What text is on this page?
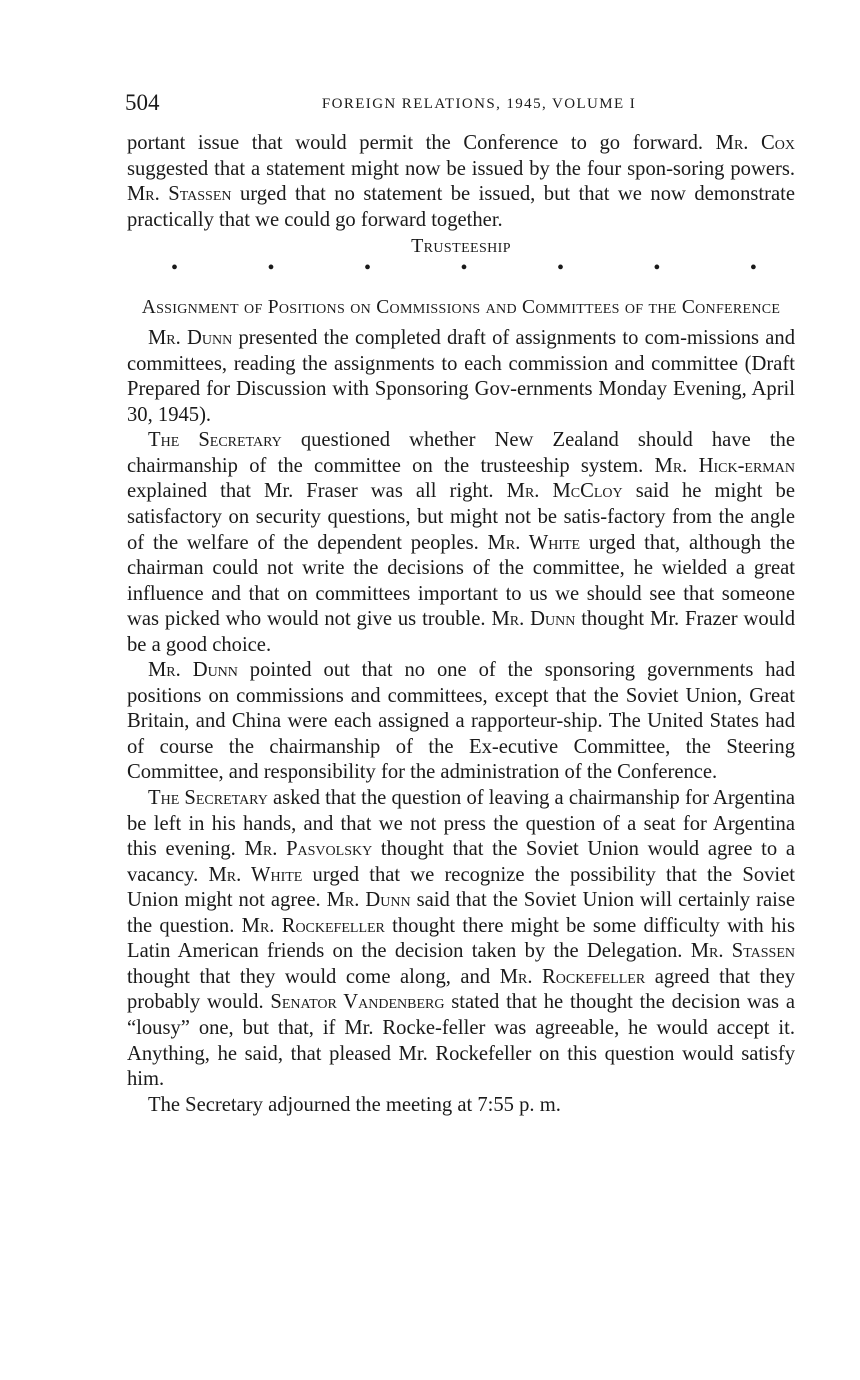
504	FOREIGN RELATIONS, 1945, VOLUME I

portant issue that would permit the Conference to go forward. Mr. Cox suggested that a statement might now be issued by the four spon-soring powers. Mr. Stassen urged that no statement be issued, but that we now demonstrate practically that we could go forward together.

Trusteeship

•	•	•	•	•	•	•

Assignment of Positions on Commissions and Committees of the Conference

Mr. Dunn presented the completed draft of assignments to com-missions and committees, reading the assignments to each commission and committee (Draft Prepared for Discussion with Sponsoring Gov-ernments Monday Evening, April 30, 1945).

The Secretary questioned whether New Zealand should have the chairmanship of the committee on the trusteeship system. Mr. Hick-erman explained that Mr. Fraser was all right. Mr. McCloy said he might be satisfactory on security questions, but might not be satis-factory from the angle of the welfare of the dependent peoples. Mr. White urged that, although the chairman could not write the decisions of the committee, he wielded a great influence and that on committees important to us we should see that someone was picked who would not give us trouble. Mr. Dunn thought Mr. Frazer would be a good choice.

Mr. Dunn pointed out that no one of the sponsoring governments had positions on commissions and committees, except that the Soviet Union, Great Britain, and China were each assigned a rapporteur-ship. The United States had of course the chairmanship of the Ex-ecutive Committee, the Steering Committee, and responsibility for the administration of the Conference.

The Secretary asked that the question of leaving a chairmanship for Argentina be left in his hands, and that we not press the question of a seat for Argentina this evening. Mr. Pasvolsky thought that the Soviet Union would agree to a vacancy. Mr. White urged that we recognize the possibility that the Soviet Union might not agree. Mr. Dunn said that the Soviet Union will certainly raise the question. Mr. Rockefeller thought there might be some difficulty with his Latin American friends on the decision taken by the Delegation. Mr. Stassen thought that they would come along, and Mr. Rockefeller agreed that they probably would. Senator Vandenberg stated that he thought the decision was a “lousy” one, but that, if Mr. Rocke-feller was agreeable, he would accept it. Anything, he said, that pleased Mr. Rockefeller on this question would satisfy him.

The Secretary adjourned the meeting at 7:55 p. m.
